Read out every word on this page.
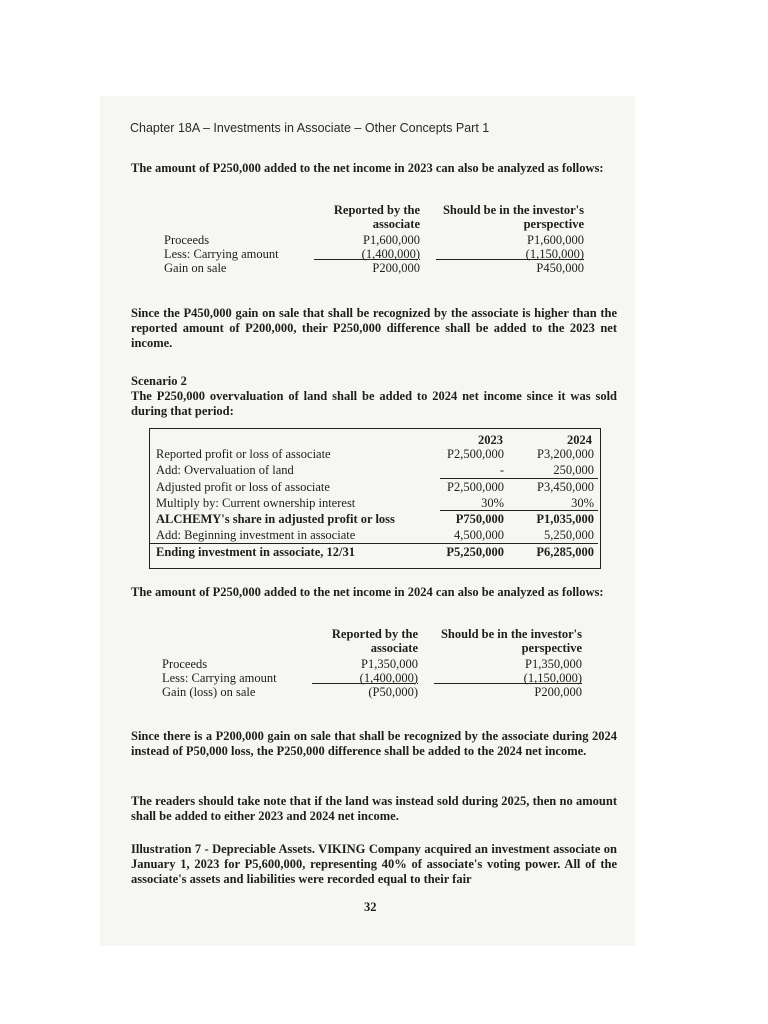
Chapter 18A – Investments in Associate – Other Concepts Part 1
The amount of P250,000 added to the net income in 2023 can also be analyzed as follows:
Reported by the associate
Should be in the investor's perspective
Proceeds	P1,600,000	P1,600,000
Less: Carrying amount	(1,400,000)	(1,150,000)
Gain on sale	P200,000	P450,000
Since the P450,000 gain on sale that shall be recognized by the associate is higher than the reported amount of P200,000, their P250,000 difference shall be added to the 2023 net income.
Scenario 2
The P250,000 overvaluation of land shall be added to 2024 net income since it was sold during that period:
2023	2024
Reported profit or loss of associate	P2,500,000	P3,200,000
Add: Overvaluation of land	-	250,000
Adjusted profit or loss of associate	P2,500,000	P3,450,000
Multiply by: Current ownership interest	30%	30%
ALCHEMY's share in adjusted profit or loss	P750,000	P1,035,000
Add: Beginning investment in associate	4,500,000	5,250,000
Ending investment in associate, 12/31	P5,250,000	P6,285,000
The amount of P250,000 added to the net income in 2024 can also be analyzed as follows:
Reported by the associate
Should be in the investor's perspective
Proceeds	P1,350,000	P1,350,000
Less: Carrying amount	(1,400,000)	(1,150,000)
Gain (loss) on sale	(P50,000)	P200,000
Since there is a P200,000 gain on sale that shall be recognized by the associate during 2024 instead of P50,000 loss, the P250,000 difference shall be added to the 2024 net income.
The readers should take note that if the land was instead sold during 2025, then no amount shall be added to either 2023 and 2024 net income.
Illustration 7 - Depreciable Assets. VIKING Company acquired an investment associate on January 1, 2023 for P5,600,000, representing 40% of associate's voting power. All of the associate's assets and liabilities were recorded equal to their fair
32
